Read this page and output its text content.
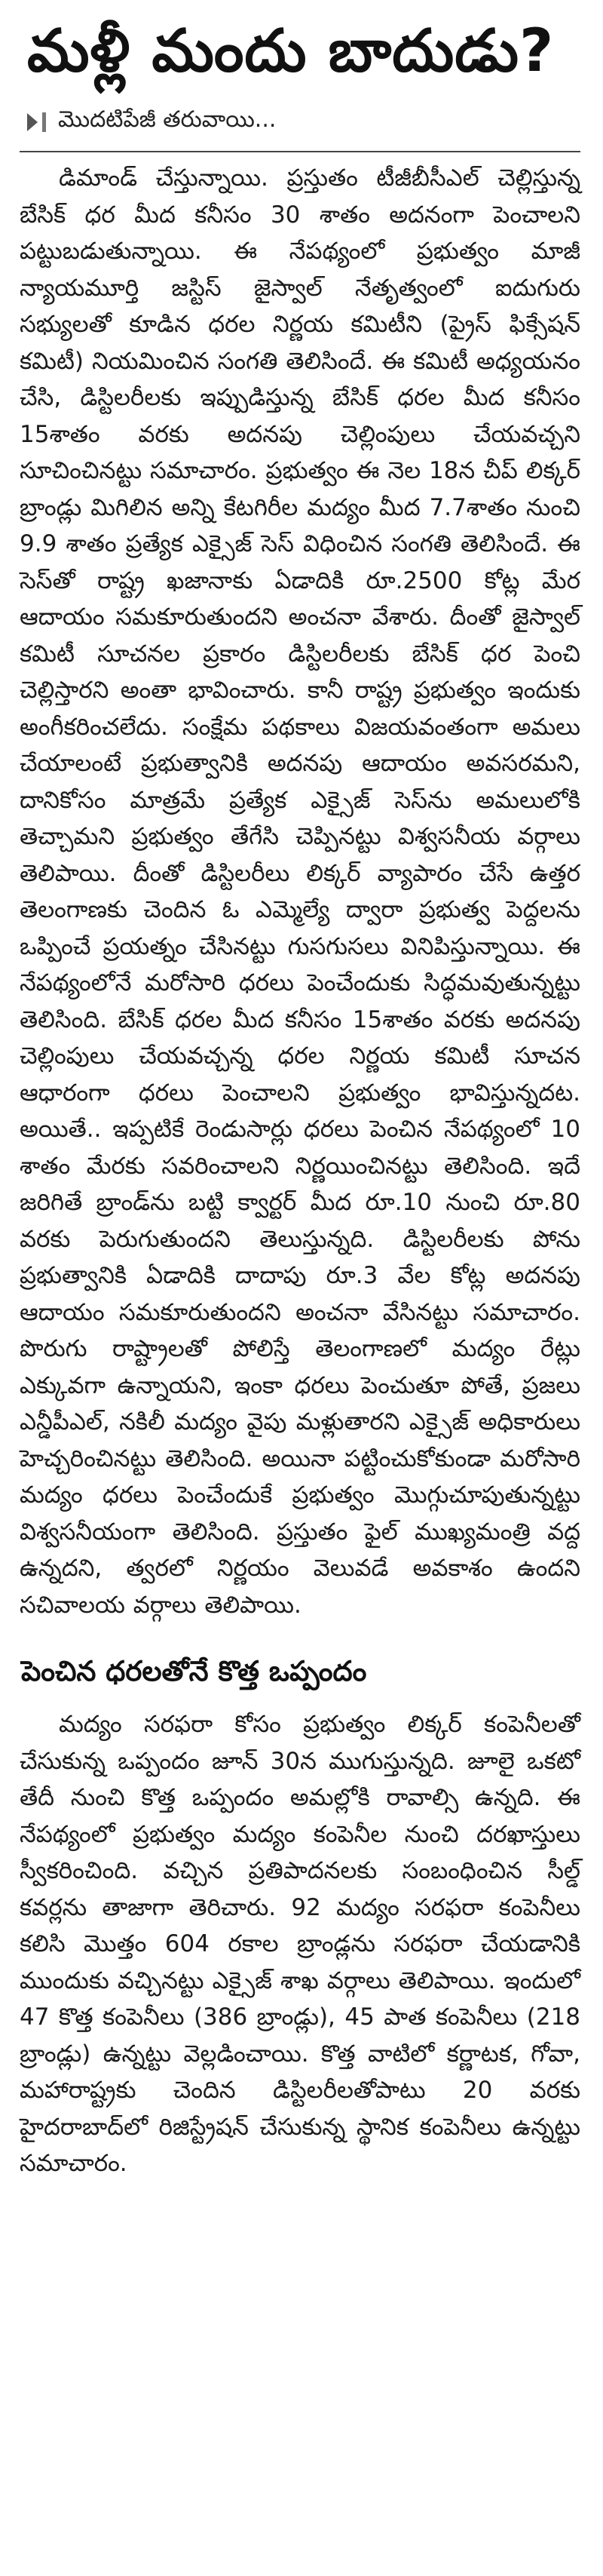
మళ్లీ మందు బాదుడు?
మొదటిపేజీ తరువాయి...

డిమాండ్ చేస్తున్నాయి. ప్రస్తుతం టీజీబీసీఎల్ చెల్లిస్తున్న బేసిక్ ధర మీద కనీసం 30 శాతం అదనంగా పెంచాలని పట్టుబడుతున్నాయి. ఈ నేపథ్యంలో ప్రభుత్వం మాజీ న్యాయమూర్తి జస్టిస్ జైస్వాల్ నేతృత్వంలో ఐదుగురు సభ్యులతో కూడిన ధరల నిర్ణయ కమిటీని (ప్రైస్ ఫిక్సేషన్ కమిటీ) నియమించిన సంగతి తెలిసిందే. ఈ కమిటీ అధ్యయనం చేసి, డిస్టిలరీలకు ఇప్పుడిస్తున్న బేసిక్ ధరల మీద కనీసం 15శాతం వరకు అదనపు చెల్లింపులు చేయవచ్చని సూచించినట్టు సమాచారం. ప్రభుత్వం ఈ నెల 18న చీప్ లిక్కర్ బ్రాండ్లు మిగిలిన అన్ని కేటగిరీల మద్యం మీద 7.7శాతం నుంచి 9.9 శాతం ప్రత్యేక ఎక్సైజ్ సెస్ విధించిన సంగతి తెలిసిందే. ఈ సెస్‌తో రాష్ట్ర ఖజానాకు ఏడాదికి రూ.2500 కోట్ల మేర ఆదాయం సమకూరుతుందని అంచనా వేశారు. దీంతో జైస్వాల్ కమిటీ సూచనల ప్రకారం డిస్టిలరీలకు బేసిక్ ధర పెంచి చెల్లిస్తారని అంతా భావించారు. కానీ రాష్ట్ర ప్రభుత్వం ఇందుకు అంగీకరించలేదు. సంక్షేమ పథకాలు విజయవంతంగా అమలు చేయాలంటే ప్రభుత్వానికి అదనపు ఆదాయం అవసరమని, దానికోసం మాత్రమే ప్రత్యేక ఎక్సైజ్ సెస్‌ను అమలులోకి తెచ్చామని ప్రభుత్వం తేగేసి చెప్పినట్టు విశ్వసనీయ వర్గాలు తెలిపాయి. దీంతో డిస్టిలరీలు లిక్కర్ వ్యాపారం చేసే ఉత్తర తెలంగాణకు చెందిన ఓ ఎమ్మెల్యే ద్వారా ప్రభుత్వ పెద్దలను ఒప్పించే ప్రయత్నం చేసినట్టు గుసగుసలు వినిపిస్తున్నాయి. ఈ నేపథ్యంలోనే మరోసారి ధరలు పెంచేందుకు సిద్ధమవుతున్నట్టు తెలిసింది. బేసిక్ ధరల మీద కనీసం 15శాతం వరకు అదనపు చెల్లింపులు చేయవచ్చన్న ధరల నిర్ణయ కమిటీ సూచన ఆధారంగా ధరలు పెంచాలని ప్రభుత్వం భావిస్తున్నదట. అయితే.. ఇప్పటికే రెండుసార్లు ధరలు పెంచిన నేపథ్యంలో 10 శాతం మేరకు సవరించాలని నిర్ణయించినట్టు తెలిసింది. ఇదే జరిగితే బ్రాండ్‌ను బట్టి క్వార్టర్ మీద రూ.10 నుంచి రూ.80 వరకు పెరుగుతుందని తెలుస్తున్నది. డిస్టిలరీలకు పోను ప్రభుత్వానికి ఏడాదికి దాదాపు రూ.3 వేల కోట్ల అదనపు ఆదాయం సమకూరుతుందని అంచనా వేసినట్టు సమాచారం. పొరుగు రాష్ట్రాలతో పోలిస్తే తెలంగాణలో మద్యం రేట్లు ఎక్కువగా ఉన్నాయని, ఇంకా ధరలు పెంచుతూ పోతే, ప్రజలు ఎన్డీపీఎల్, నకిలీ మద్యం వైపు మళ్లుతారని ఎక్సైజ్ అధికారులు హెచ్చరించినట్టు తెలిసింది. అయినా పట్టించుకోకుండా మరోసారి మద్యం ధరలు పెంచేందుకే ప్రభుత్వం మొగ్గుచూపుతున్నట్టు విశ్వసనీయంగా తెలిసింది. ప్రస్తుతం ఫైల్ ముఖ్యమంత్రి వద్ద ఉన్నదని, త్వరలో నిర్ణయం వెలువడే అవకాశం ఉందని సచివాలయ వర్గాలు తెలిపాయి.

పెంచిన ధరలతోనే కొత్త ఒప్పందం

మద్యం సరఫరా కోసం ప్రభుత్వం లిక్కర్ కంపెనీలతో చేసుకున్న ఒప్పందం జూన్ 30న ముగుస్తున్నది. జూలై ఒకటో తేదీ నుంచి కొత్త ఒప్పందం అమల్లోకి రావాల్సి ఉన్నది. ఈ నేపథ్యంలో ప్రభుత్వం మద్యం కంపెనీల నుంచి దరఖాస్తులు స్వీకరించింది. వచ్చిన ప్రతిపాదనలకు సంబంధించిన సీల్డ్ కవర్లను తాజాగా తెరిచారు. 92 మద్యం సరఫరా కంపెనీలు కలిసి మొత్తం 604 రకాల బ్రాండ్లను సరఫరా చేయడానికి ముందుకు వచ్చినట్టు ఎక్సైజ్ శాఖ వర్గాలు తెలిపాయి. ఇందులో 47 కొత్త కంపెనీలు (386 బ్రాండ్లు), 45 పాత కంపెనీలు (218 బ్రాండ్లు) ఉన్నట్టు వెల్లడించాయి. కొత్త వాటిలో కర్ణాటక, గోవా, మహారాష్ట్రకు చెందిన డిస్టిలరీలతోపాటు 20 వరకు హైదరాబాద్‌లో రిజిస్ట్రేషన్ చేసుకున్న స్థానిక కంపెనీలు ఉన్నట్టు సమాచారం.
